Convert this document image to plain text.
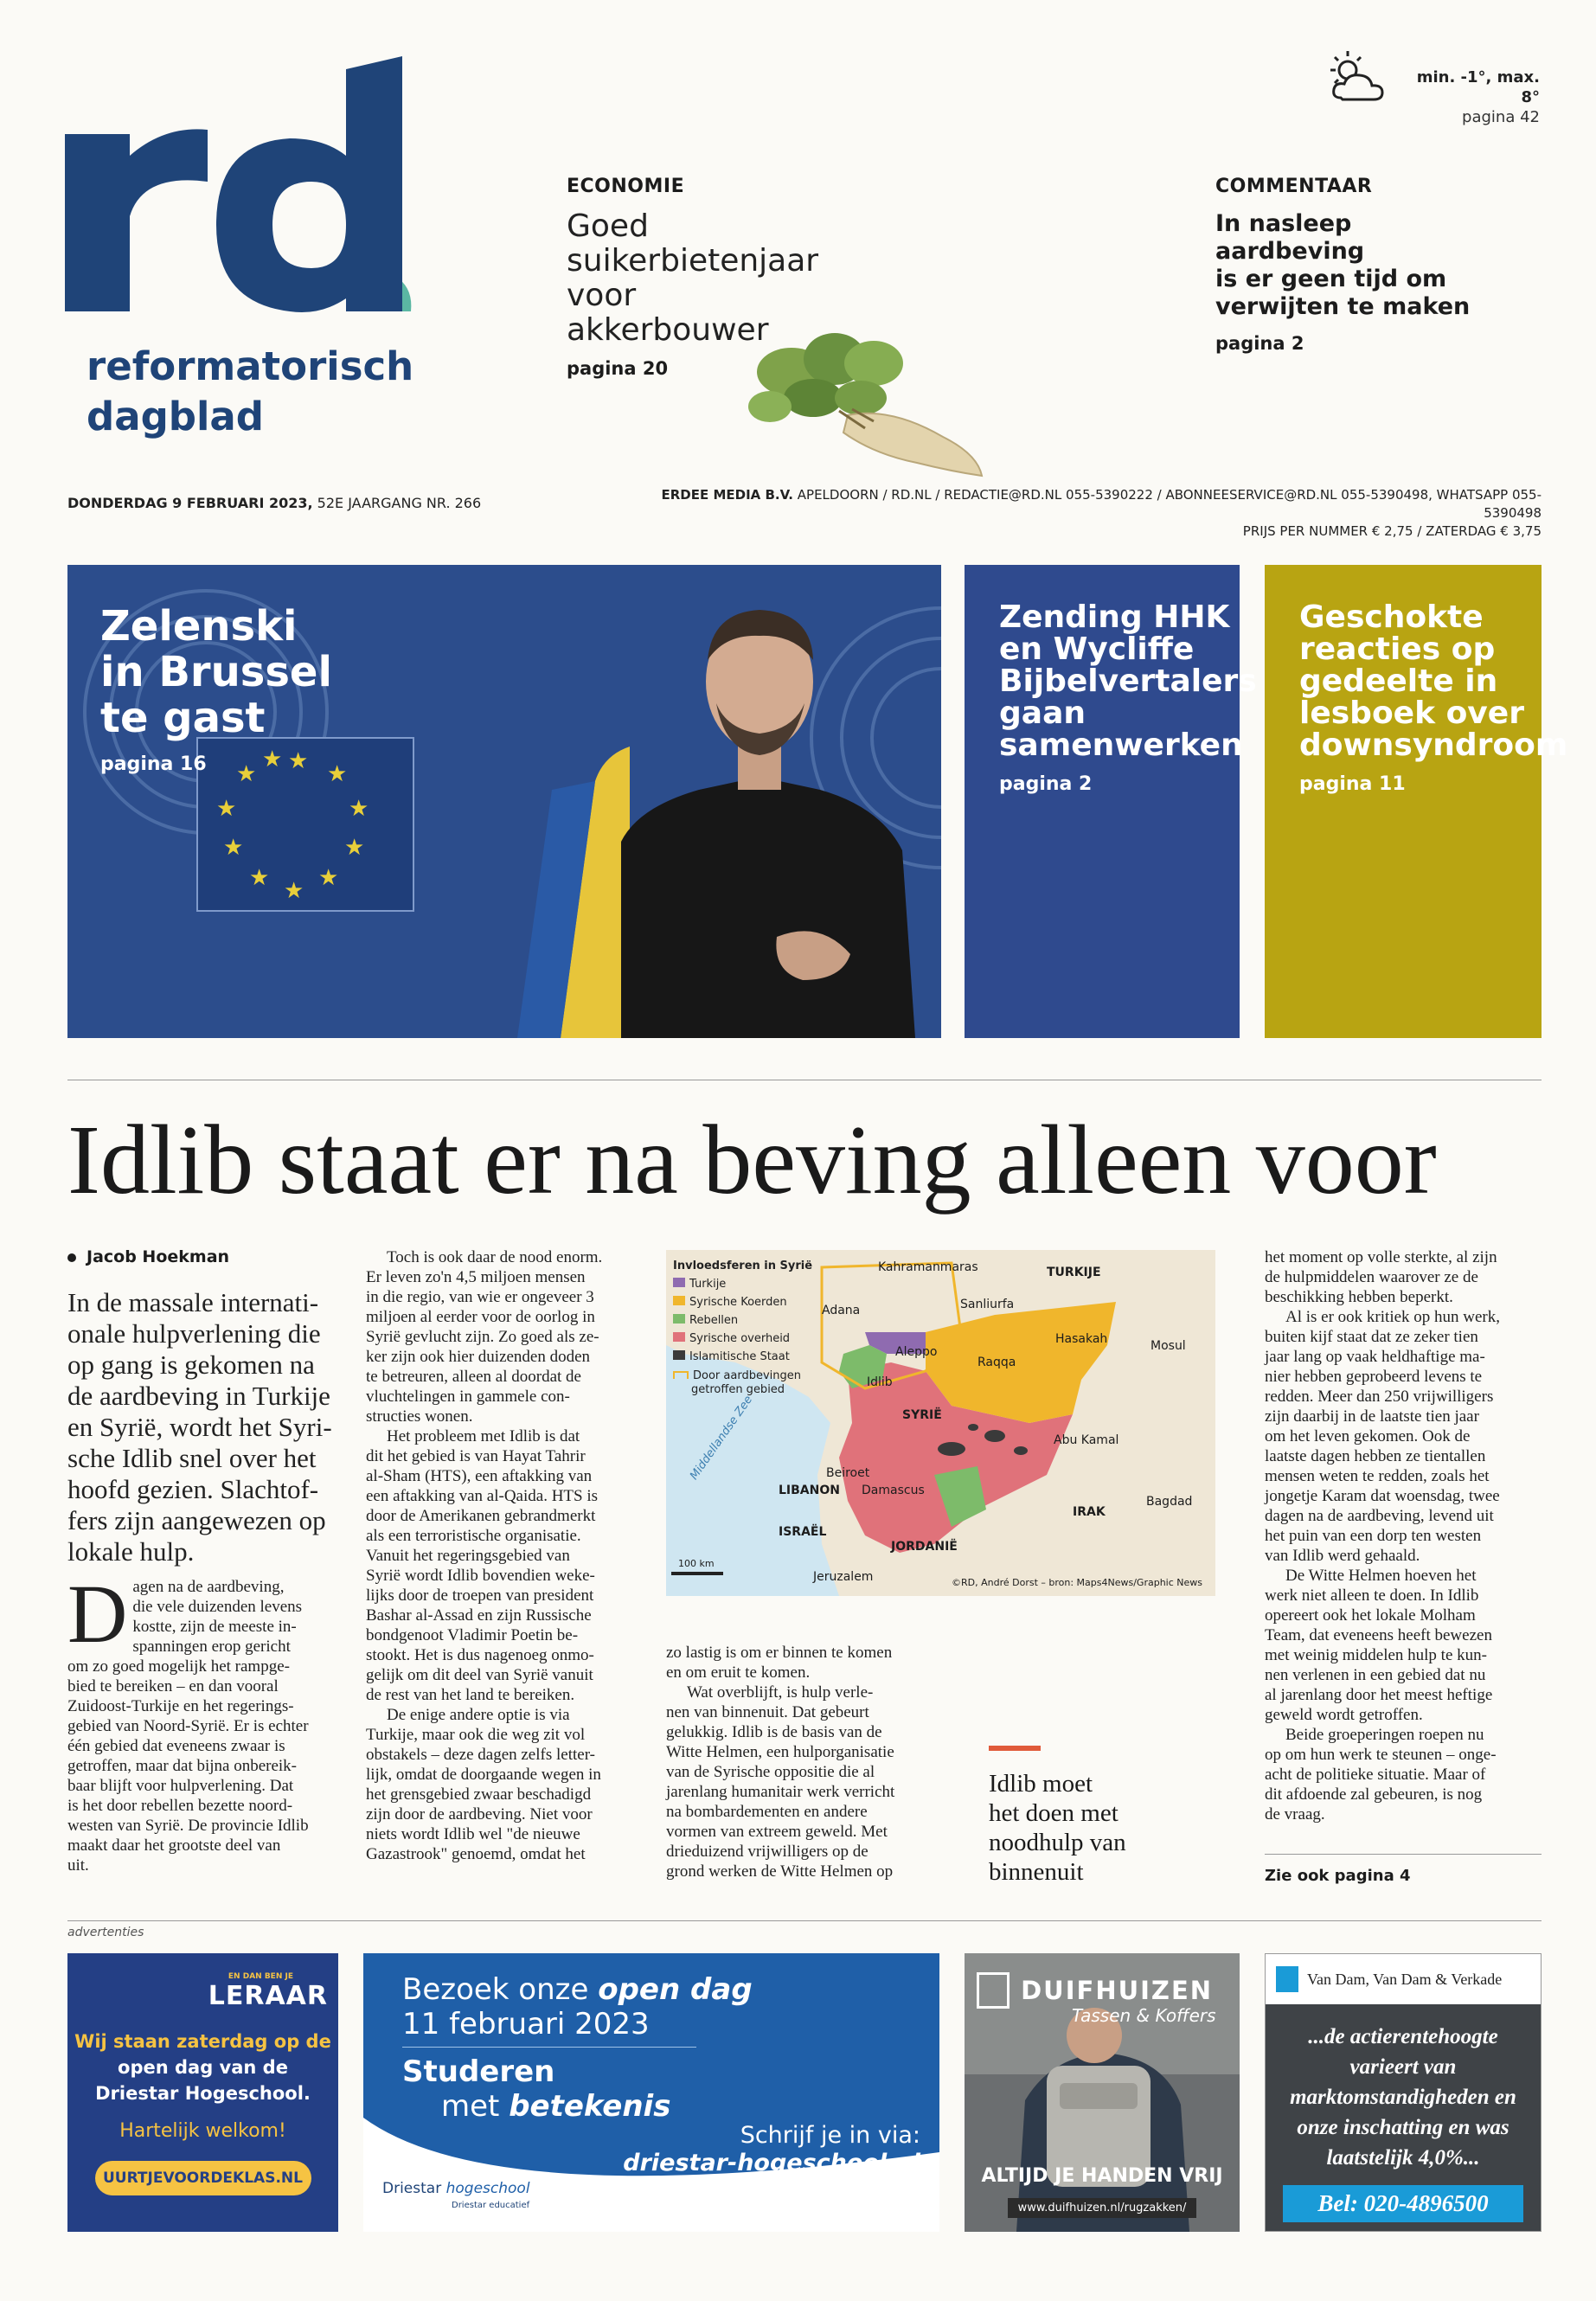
reformatorisch
dagblad
min. -1°, max. 8°
pagina 42
ECONOMIE
Goed
suikerbietenjaar
voor
akkerbouwer
pagina 20
COMMENTAAR
In nasleep aardbeving
is er geen tijd om
verwijten te maken
pagina 2
DONDERDAG 9 FEBRUARI 2023, 52E JAARGANG NR. 266	ERDEE MEDIA B.V. APELDOORN / RD.NL / REDACTIE@RD.NL 055-5390222 / ABONNEESERVICE@RD.NL 055-5390498, WHATSAPP 055-5390498
PRIJS PER NUMMER € 2,75 / ZATERDAG € 3,75
★ ★
★
★
★
★
★
★
★
★
★
Zelenski
in Brussel
te gast
pagina 16
Zending HHK
en Wycliffe
Bijbelvertalers
gaan
samenwerken
pagina 2
Geschokte
reacties op
gedeelte in
lesboek over
downsyndroom
pagina 11
Idlib staat er na beving alleen voor
Jacob Hoekman
In de massale internati-
onale hulpverlening die
op gang is gekomen na
de aardbeving in Turkije
en Syrië, wordt het Syri-
sche Idlib snel over het
hoofd gezien. Slachtof-
fers zijn aangewezen op
lokale hulp.
D agen na de aardbeving,
die vele duizenden levens
kostte, zijn de meeste in-
spanningen erop gericht
om zo goed mogelijk het rampge-
bied te bereiken – en dan vooral
Zuidoost-Turkije en het regerings-
gebied van Noord-Syrië. Er is echter
één gebied dat eveneens zwaar is
getroffen, maar dat bijna onbereik-
baar blijft voor hulpverlening. Dat
is het door rebellen bezette noord-
westen van Syrië. De provincie Idlib
maakt daar het grootste deel van
uit.
Toch is ook daar de nood enorm.
Er leven zo'n 4,5 miljoen mensen
in die regio, van wie er ongeveer 3
miljoen al eerder voor de oorlog in
Syrië gevlucht zijn. Zo goed als ze-
ker zijn ook hier duizenden doden
te betreuren, alleen al doordat de
vluchtelingen in gammele con-
structies wonen.
Het probleem met Idlib is dat
dit het gebied is van Hayat Tahrir
al-Sham (HTS), een aftakking van
een aftakking van al-Qaida. HTS is
door de Amerikanen gebrandmerkt
als een terroristische organisatie.
Vanuit het regeringsgebied van
Syrië wordt Idlib bovendien weke-
lijks door de troepen van president
Bashar al-Assad en zijn Russische
bondgenoot Vladimir Poetin be-
stookt. Het is dus nagenoeg onmo-
gelijk om dit deel van Syrië vanuit
de rest van het land te bereiken.
De enige andere optie is via
Turkije, maar ook die weg zit vol
obstakels – deze dagen zelfs letter-
lijk, omdat de doorgaande wegen in
het grensgebied zwaar beschadigd
zijn door de aardbeving. Niet voor
niets wordt Idlib wel "de nieuwe
Gazastrook" genoemd, omdat het
Invloedsferen in Syrië
Turkije
Syrische Koerden
Rebellen
Syrische overheid
Islamitische Staat
Door aardbevingen
getroffen gebied
Kahramanmaras	TURKIJE
Adana	Sanliurfa
Hasakah	Mosul
Aleppo
Idlib
Raqqa
SYRIË
Abu Kamal
Middellandse Zee	Beiroet
LIBANON Damascus
Bagdad
IRAK
ISRAËL
JORDANIË
Jeruzalem
100 km
©RD, André Dorst – bron: Maps4News/Graphic News
zo lastig is om er binnen te komen
en om eruit te komen.
Wat overblijft, is hulp verle-
nen van binnenuit. Dat gebeurt
gelukkig. Idlib is de basis van de
Witte Helmen, een hulporganisatie
van de Syrische oppositie die al
jarenlang humanitair werk verricht
na bombardementen en andere
vormen van extreem geweld. Met
drieduizend vrijwilligers op de
grond werken de Witte Helmen op
Idlib moet
het doen met
noodhulp van
binnenuit
het moment op volle sterkte, al zijn
de hulpmiddelen waarover ze de
beschikking hebben beperkt.
Al is er ook kritiek op hun werk,
buiten kijf staat dat ze zeker tien
jaar lang op vaak heldhaftige ma-
nier hebben geprobeerd levens te
redden. Meer dan 250 vrijwilligers
zijn daarbij in de laatste tien jaar
om het leven gekomen. Ook de
laatste dagen hebben ze tientallen
mensen weten te redden, zoals het
jongetje Karam dat woensdag, twee
dagen na de aardbeving, levend uit
het puin van een dorp ten westen
van Idlib werd gehaald.
De Witte Helmen hoeven het
werk niet alleen te doen. In Idlib
opereert ook het lokale Molham
Team, dat eveneens heeft bewezen
met weinig middelen hulp te kun-
nen verlenen in een gebied dat nu
al jarenlang door het meest heftige
geweld wordt getroffen.
Beide groeperingen roepen nu
op om hun werk te steunen – onge-
acht de politieke situatie. Maar of
dit afdoende zal gebeuren, is nog
de vraag.
Zie ook pagina 4
advertenties
EN DAN BEN JE
LERAAR
Wij staan zaterdag op de
open dag van de
Driestar Hogeschool.
Hartelijk welkom!
UURTJEVOORDEKLAS.NL
Bezoek onze open dag
11 februari 2023
Studeren
met betekenis
Schrijf je in via:
driestar-hogeschool.nl
Driestar hogeschool
Driestar educatief
DUIFHUIZEN
Tassen & Koffers
ALTIJD JE HANDEN VRIJ
www.duifhuizen.nl/rugzakken/
Van Dam, Van Dam & Verkade
...de actierentehoogte
varieert van
marktomstandigheden en
onze inschatting en was
laatstelijk 4,0%...
Bel: 020-4896500
